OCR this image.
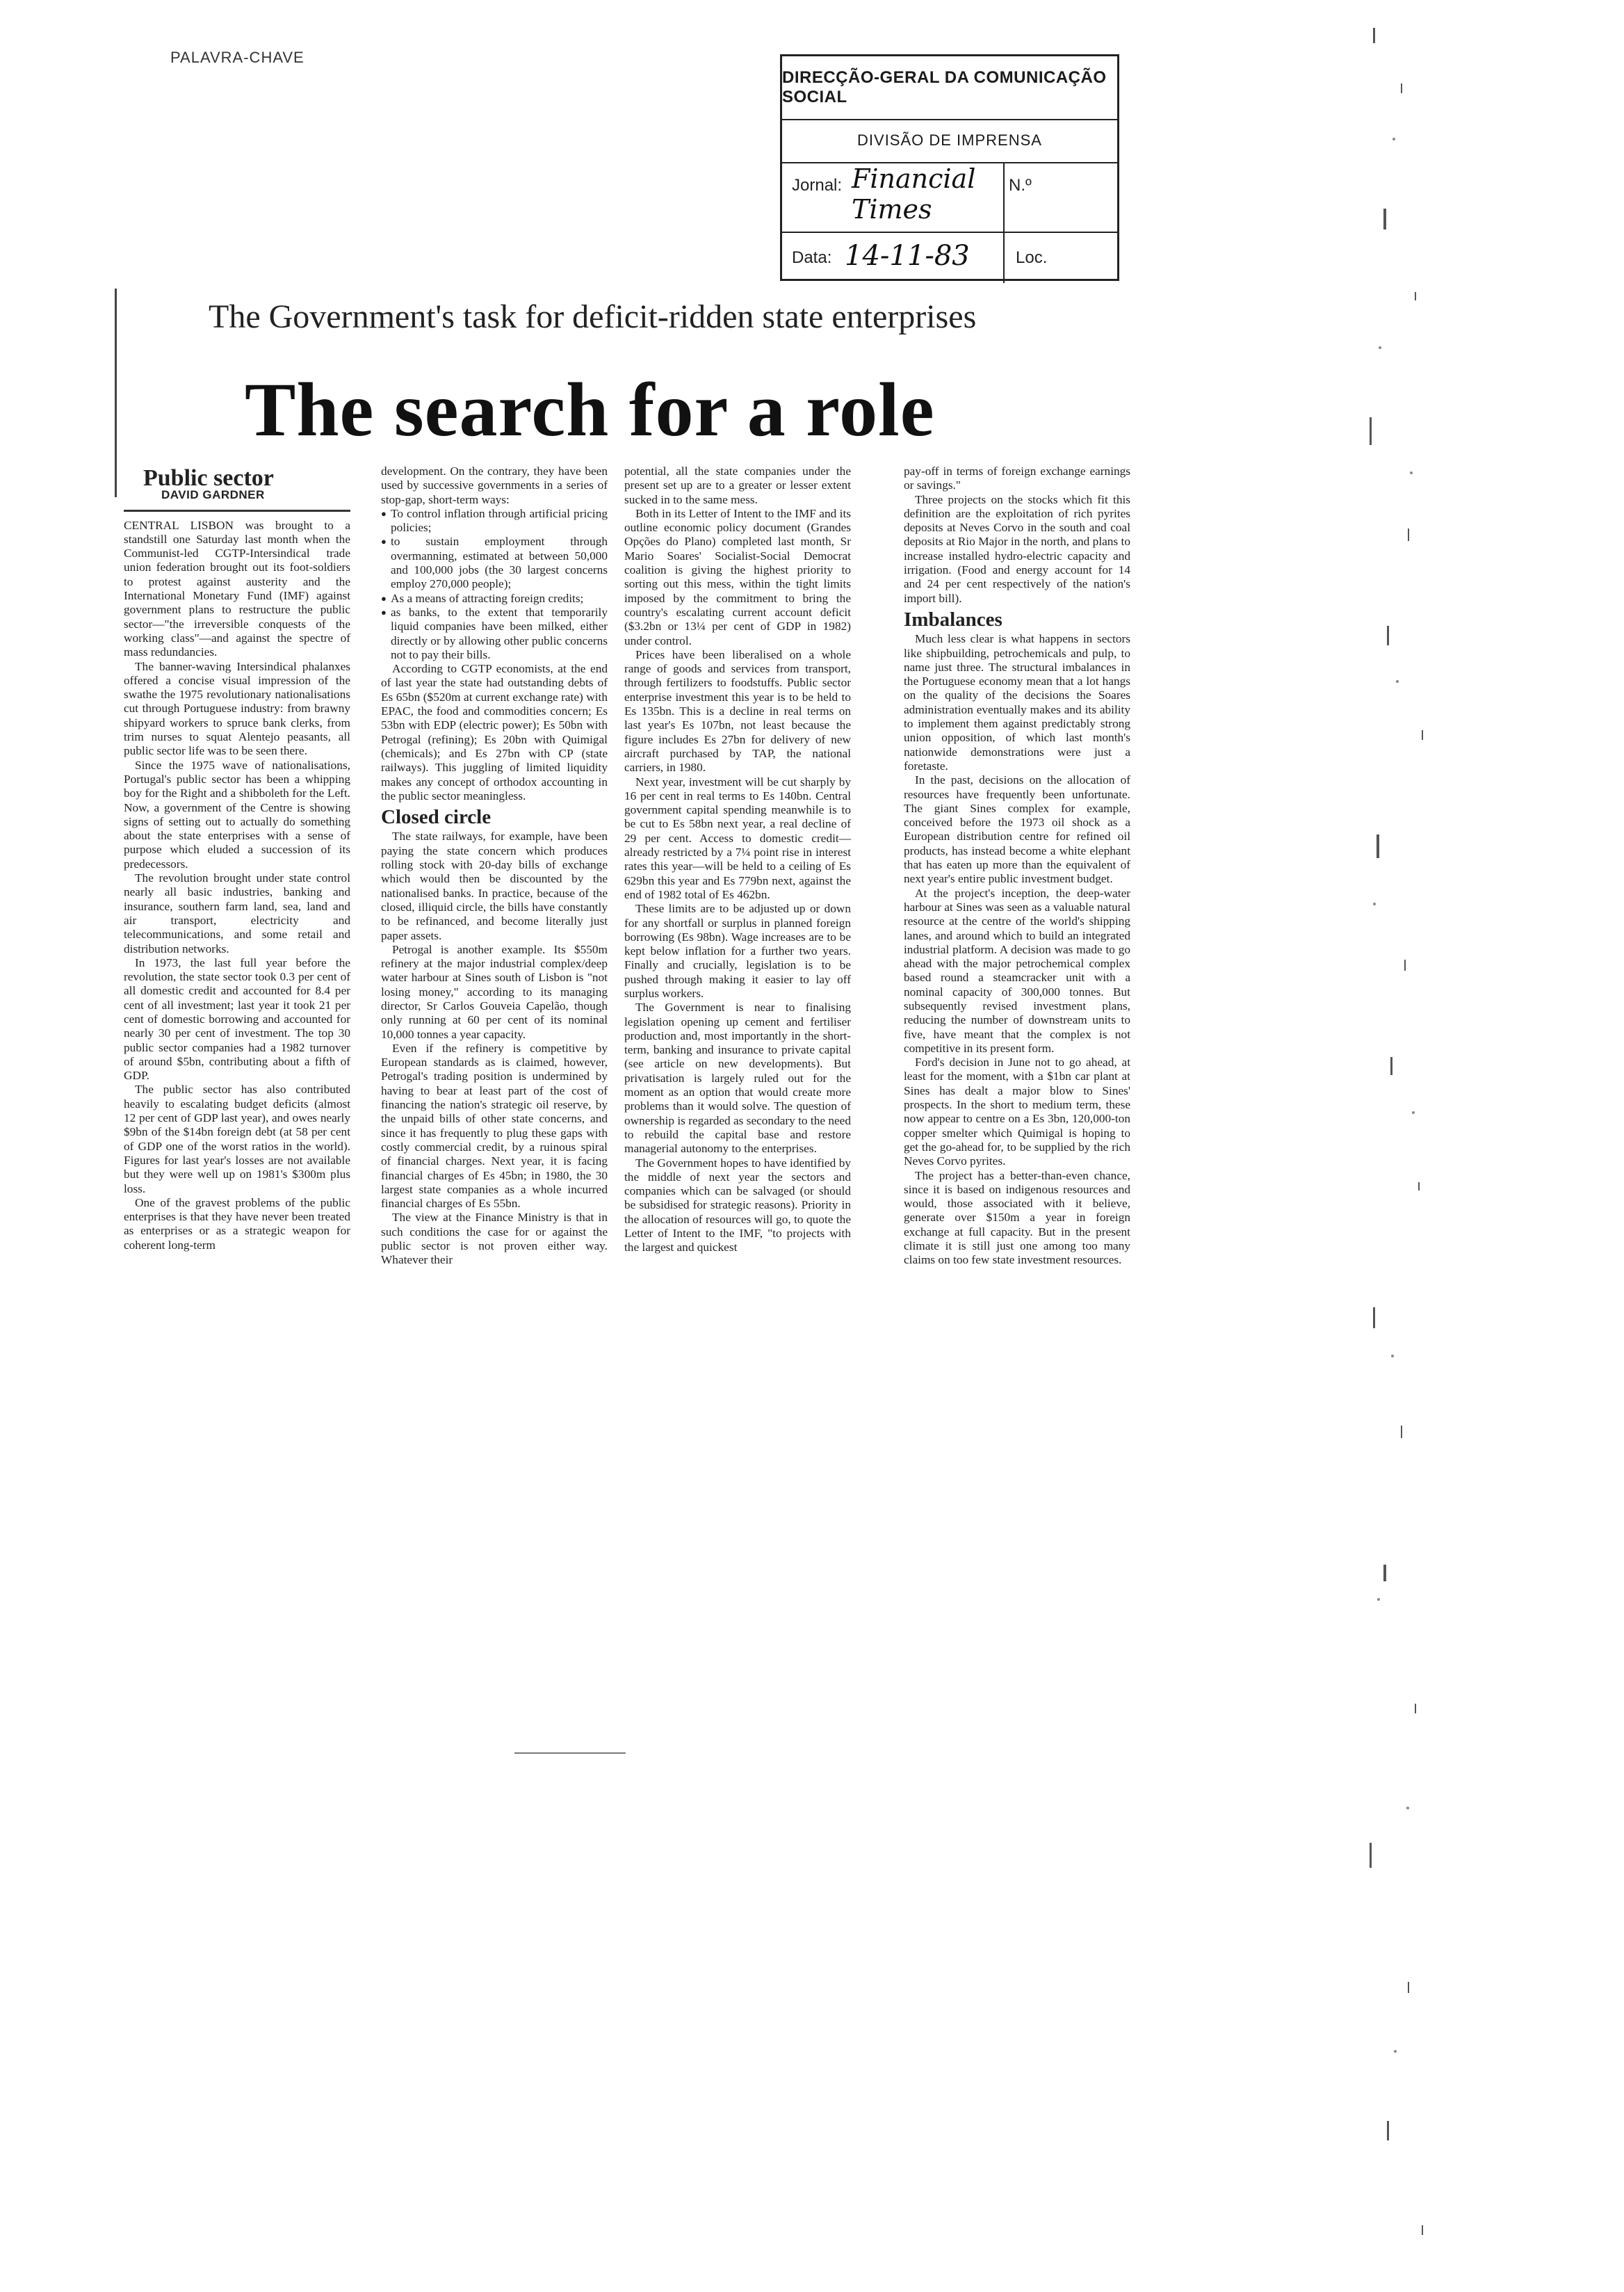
PALAVRA-CHAVE
DIRECÇÃO-GERAL DA COMUNICAÇÃO SOCIAL
DIVISÃO DE IMPRENSA
Jornal: Financial Times
N.º
Data: 14-11-83	Loc.
The Government's task for deficit-ridden state enterprises
The search for a role
Public sector
DAVID GARDNER

CENTRAL LISBON was brought to a standstill one Saturday last month when the Communist-led CGTP-Intersindical trade union federation brought out its foot-soldiers to protest against austerity and the International Monetary Fund (IMF) against government plans to restructure the public sector—"the irreversible conquests of the working class"—and against the spectre of mass redundancies.

The banner-waving Intersindical phalanxes offered a concise visual impression of the swathe the 1975 revolutionary nationalisations cut through Portuguese industry: from brawny shipyard workers to spruce bank clerks, from trim nurses to squat Alentejo peasants, all public sector life was to be seen there.

Since the 1975 wave of nationalisations, Portugal's public sector has been a whipping boy for the Right and a shibboleth for the Left. Now, a government of the Centre is showing signs of setting out to actually do something about the state enterprises with a sense of purpose which eluded a succession of its predecessors.

The revolution brought under state control nearly all basic industries, banking and insurance, southern farm land, sea, land and air transport, electricity and telecommunications, and some retail and distribution networks.

In 1973, the last full year before the revolution, the state sector took 0.3 per cent of all domestic credit and accounted for 8.4 per cent of all investment; last year it took 21 per cent of domestic borrowing and accounted for nearly 30 per cent of investment. The top 30 public sector companies had a 1982 turnover of around $5bn, contributing about a fifth of GDP.

The public sector has also contributed heavily to escalating budget deficits (almost 12 per cent of GDP last year), and owes nearly $9bn of the $14bn foreign debt (at 58 per cent of GDP one of the worst ratios in the world). Figures for last year's losses are not available but they were well up on 1981's $300m plus loss.

One of the gravest problems of the public enterprises is that they have never been treated as enterprises or as a strategic weapon for coherent long-term

development. On the contrary, they have been used by successive governments in a series of stop-gap, short-term ways:

● To control inflation through artificial pricing policies;
● to sustain employment through overmanning, estimated at between 50,000 and 100,000 jobs (the 30 largest concerns employ 270,000 people);
● As a means of attracting foreign credits;
● as banks, to the extent that temporarily liquid companies have been milked, either directly or by allowing other public concerns not to pay their bills.

According to CGTP economists, at the end of last year the state had outstanding debts of Es 65bn ($520m at current exchange rate) with EPAC, the food and commodities concern; Es 53bn with EDP (electric power); Es 50bn with Petrogal (refining); Es 20bn with Quimigal (chemicals); and Es 27bn with CP (state railways). This juggling of limited liquidity makes any concept of orthodox accounting in the public sector meaningless.

Closed circle

The state railways, for example, have been paying the state concern which produces rolling stock with 20-day bills of exchange which would then be discounted by the nationalised banks. In practice, because of the closed, illiquid circle, the bills have constantly to be refinanced, and become literally just paper assets.

Petrogal is another example. Its $550m refinery at the major industrial complex/deep water harbour at Sines south of Lisbon is "not losing money," according to its managing director, Sr Carlos Gouveia Capelão, though only running at 60 per cent of its nominal 10,000 tonnes a year capacity.

Even if the refinery is competitive by European standards as is claimed, however, Petrogal's trading position is undermined by having to bear at least part of the cost of financing the nation's strategic oil reserve, by the unpaid bills of other state concerns, and since it has frequently to plug these gaps with costly commercial credit, by a ruinous spiral of financial charges. Next year, it is facing financial charges of Es 45bn; in 1980, the 30 largest state companies as a whole incurred financial charges of Es 55bn.

The view at the Finance Ministry is that in such conditions the case for or against the public sector is not proven either way. Whatever their

potential, all the state companies under the present set up are to a greater or lesser extent sucked in to the same mess.

Both in its Letter of Intent to the IMF and its outline economic policy document (Grandes Opções do Plano) completed last month, Sr Mario Soares' Socialist-Social Democrat coalition is giving the highest priority to sorting out this mess, within the tight limits imposed by the commitment to bring the country's escalating current account deficit ($3.2bn or 13¼ per cent of GDP in 1982) under control.

Prices have been liberalised on a whole range of goods and services from transport, through fertilizers to foodstuffs. Public sector enterprise investment this year is to be held to Es 135bn. This is a decline in real terms on last year's Es 107bn, not least because the figure includes Es 27bn for delivery of new aircraft purchased by TAP, the national carriers, in 1980.

Next year, investment will be cut sharply by 16 per cent in real terms to Es 140bn. Central government capital spending meanwhile is to be cut to Es 58bn next year, a real decline of 29 per cent. Access to domestic credit—already restricted by a 7¼ point rise in interest rates this year—will be held to a ceiling of Es 629bn this year and Es 779bn next, against the end of 1982 total of Es 462bn.

These limits are to be adjusted up or down for any shortfall or surplus in planned foreign borrowing (Es 98bn). Wage increases are to be kept below inflation for a further two years. Finally and crucially, legislation is to be pushed through making it easier to lay off surplus workers.

The Government is near to finalising legislation opening up cement and fertiliser production and, most importantly in the short-term, banking and insurance to private capital (see article on new developments). But privatisation is largely ruled out for the moment as an option that would create more problems than it would solve. The question of ownership is regarded as secondary to the need to rebuild the capital base and restore managerial autonomy to the enterprises.

The Government hopes to have identified by the middle of next year the sectors and companies which can be salvaged (or should be subsidised for strategic reasons). Priority in the allocation of resources will go, to quote the Letter of Intent to the IMF, "to projects with the largest and quickest

pay-off in terms of foreign exchange earnings or savings."

Three projects on the stocks which fit this definition are the exploitation of rich pyrites deposits at Neves Corvo in the south and coal deposits at Rio Major in the north, and plans to increase installed hydro-electric capacity and irrigation. (Food and energy account for 14 and 24 per cent respectively of the nation's import bill).

Imbalances

Much less clear is what happens in sectors like shipbuilding, petrochemicals and pulp, to name just three. The structural imbalances in the Portuguese economy mean that a lot hangs on the quality of the decisions the Soares administration eventually makes and its ability to implement them against predictably strong union opposition, of which last month's nationwide demonstrations were just a foretaste.

In the past, decisions on the allocation of resources have frequently been unfortunate. The giant Sines complex for example, conceived before the 1973 oil shock as a European distribution centre for refined oil products, has instead become a white elephant that has eaten up more than the equivalent of next year's entire public investment budget.

At the project's inception, the deep-water harbour at Sines was seen as a valuable natural resource at the centre of the world's shipping lanes, and around which to build an integrated industrial platform. A decision was made to go ahead with the major petrochemical complex based round a steamcracker unit with a nominal capacity of 300,000 tonnes. But subsequently revised investment plans, reducing the number of downstream units to five, have meant that the complex is not competitive in its present form.

Ford's decision in June not to go ahead, at least for the moment, with a $1bn car plant at Sines has dealt a major blow to Sines' prospects. In the short to medium term, these now appear to centre on a Es 3bn, 120,000-ton copper smelter which Quimigal is hoping to get the go-ahead for, to be supplied by the rich Neves Corvo pyrites.

The project has a better-than-even chance, since it is based on indigenous resources and would, those associated with it believe, generate over $150m a year in foreign exchange at full capacity. But in the present climate it is still just one among too many claims on too few state investment resources.
